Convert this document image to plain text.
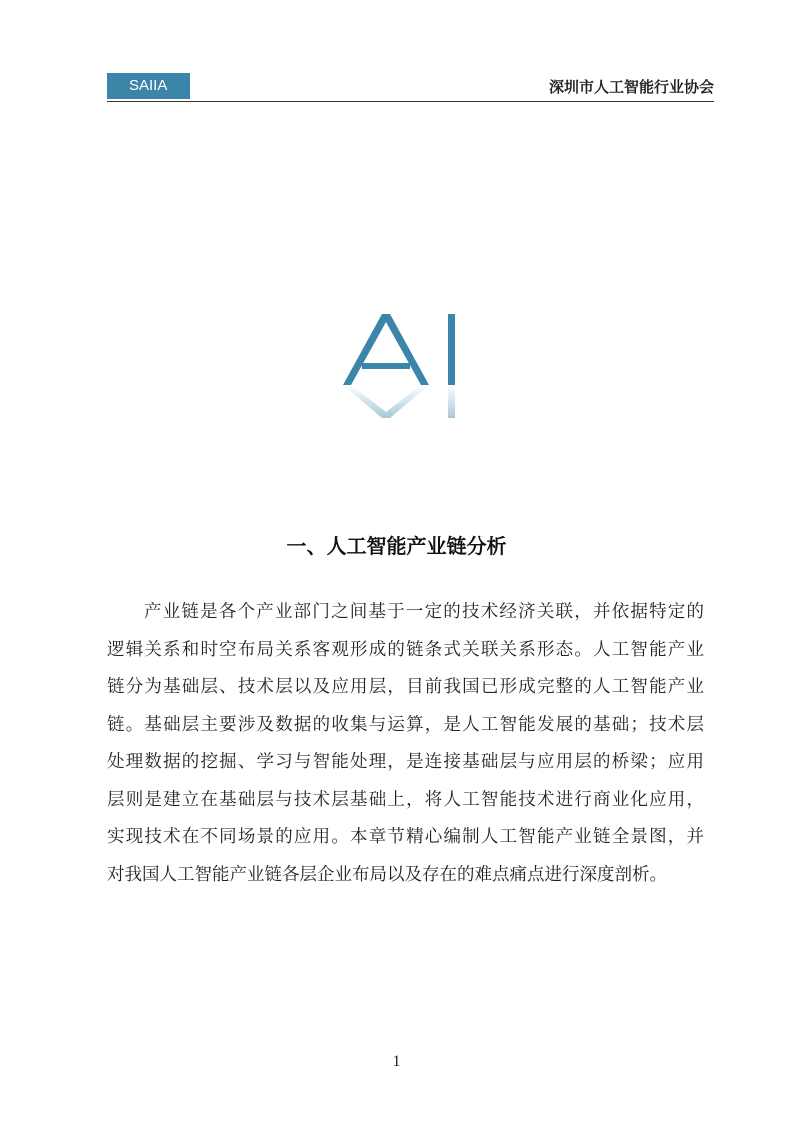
SAIIA	深圳市人工智能行业协会
一、人工智能产业链分析
产业链是各个产业部门之间基于一定的技术经济关联，并依据特定的
逻辑关系和时空布局关系客观形成的链条式关联关系形态。人工智能产业
链分为基础层、技术层以及应用层，目前我国已形成完整的人工智能产业
链。基础层主要涉及数据的收集与运算，是人工智能发展的基础；技术层
处理数据的挖掘、学习与智能处理，是连接基础层与应用层的桥梁；应用
层则是建立在基础层与技术层基础上，将人工智能技术进行商业化应用，
实现技术在不同场景的应用。本章节精心编制人工智能产业链全景图，并
对我国人工智能产业链各层企业布局以及存在的难点痛点进行深度剖析。
1
